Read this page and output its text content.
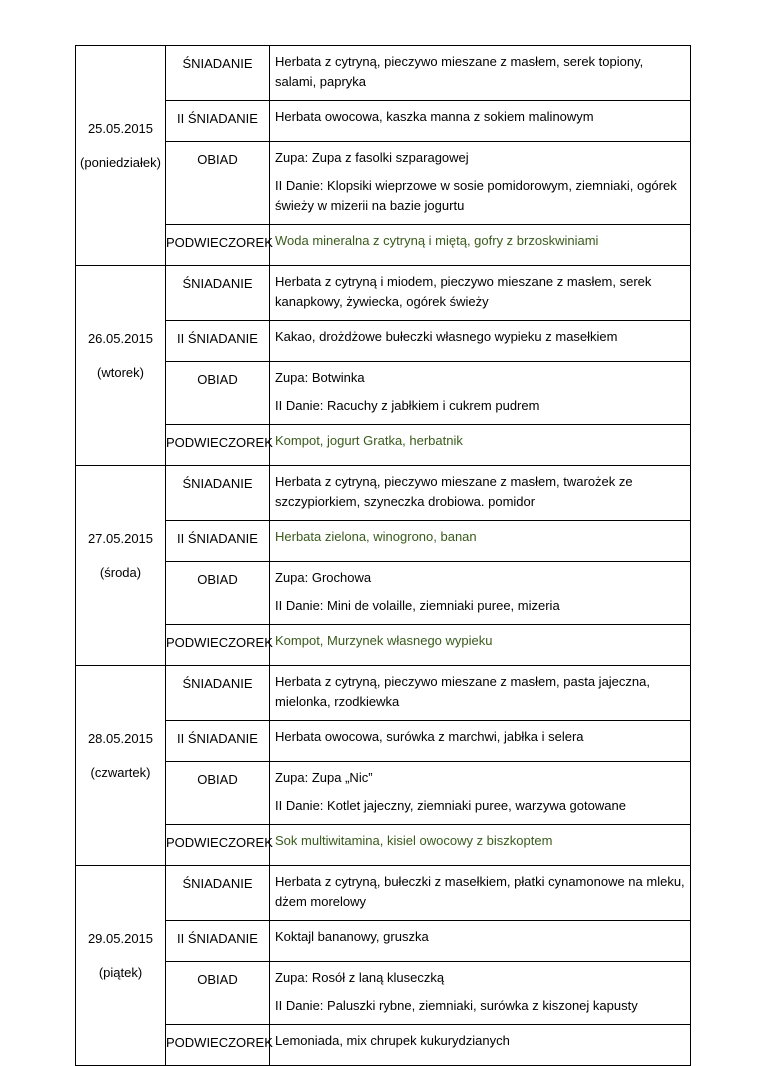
25.05.2015
(poniedziałek)	ŚNIADANIE	Herbata z cytryną, pieczywo mieszane z masłem, serek topiony, salami, papryka

	II ŚNIADANIE	Herbata owocowa, kaszka manna z sokiem malinowym

	OBIAD	Zupa: Zupa z fasolki szparagowej
II Danie: Klopsiki wieprzowe w sosie pomidorowym, ziemniaki, ogórek świeży w mizerii na bazie jogurtu

	PODWIECZOREK	Woda mineralna z cytryną i miętą, gofry z brzoskwiniami

26.05.2015
(wtorek)	ŚNIADANIE	Herbata z cytryną i miodem, pieczywo mieszane z masłem, serek kanapkowy, żywiecka, ogórek świeży

	II ŚNIADANIE	Kakao, drożdżowe bułeczki własnego wypieku z masełkiem

	OBIAD	Zupa: Botwinka
II Danie: Racuchy z jabłkiem i cukrem pudrem

	PODWIECZOREK	Kompot, jogurt Gratka, herbatnik

27.05.2015
(środa)	ŚNIADANIE	Herbata z cytryną, pieczywo mieszane z masłem, twarożek ze szczypiorkiem, szyneczka drobiowa. pomidor

	II ŚNIADANIE	Herbata zielona, winogrono, banan

	OBIAD	Zupa: Grochowa
II Danie: Mini de volaille, ziemniaki puree, mizeria

	PODWIECZOREK	Kompot, Murzynek własnego wypieku

28.05.2015
(czwartek)	ŚNIADANIE	Herbata z cytryną, pieczywo mieszane z masłem, pasta jajeczna, mielonka, rzodkiewka

	II ŚNIADANIE	Herbata owocowa, surówka z marchwi, jabłka i selera

	OBIAD	Zupa: Zupa „Nic”
II Danie: Kotlet jajeczny, ziemniaki puree, warzywa gotowane

	PODWIECZOREK	Sok multiwitamina, kisiel owocowy z biszkoptem

29.05.2015
(piątek)	ŚNIADANIE	Herbata z cytryną, bułeczki z masełkiem, płatki cynamonowe na mleku, dżem morelowy

	II ŚNIADANIE	Koktajl bananowy, gruszka

	OBIAD	Zupa: Rosół z laną kluseczką
II Danie: Paluszki rybne, ziemniaki, surówka z kiszonej kapusty

	PODWIECZOREK	Lemoniada, mix chrupek kukurydzianych
